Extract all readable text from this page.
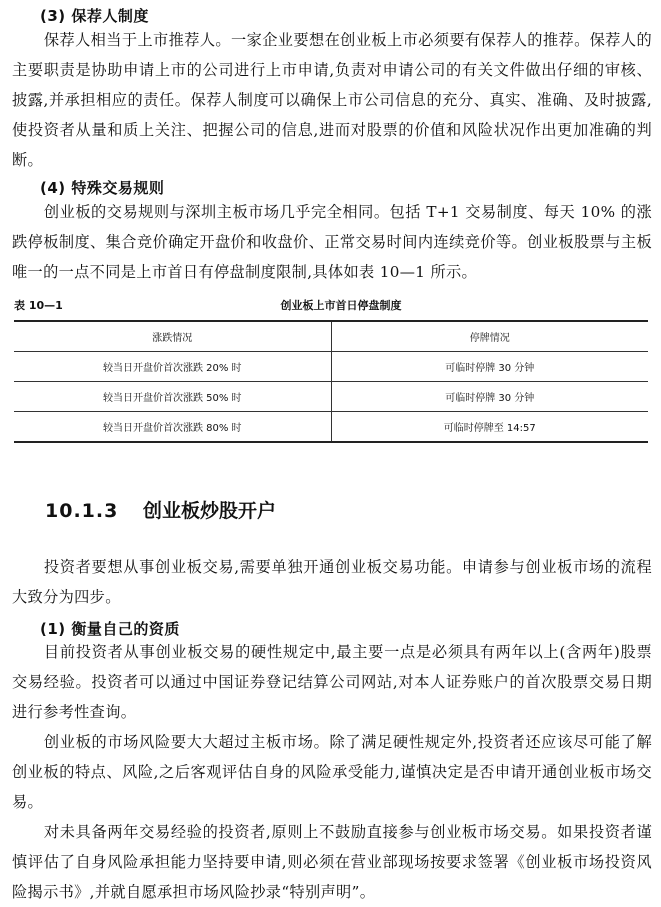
(3) 保荐人制度

保荐人相当于上市推荐人。一家企业要想在创业板上市必须要有保荐人的推荐。保荐人的主要职责是协助申请上市的公司进行上市申请,负责对申请公司的有关文件做出仔细的审核、披露,并承担相应的责任。保荐人制度可以确保上市公司信息的充分、真实、准确、及时披露,使投资者从量和质上关注、把握公司的信息,进而对股票的价值和风险状况作出更加准确的判断。

(4) 特殊交易规则

创业板的交易规则与深圳主板市场几乎完全相同。包括 T+1 交易制度、每天 10% 的涨跌停板制度、集合竞价确定开盘价和收盘价、正常交易时间内连续竞价等。创业板股票与主板唯一的一点不同是上市首日有停盘制度限制,具体如表 10—1 所示。

表 10—1	创业板上市首日停盘制度
涨跌情况	停牌情况
较当日开盘价首次涨跌 20% 时	可临时停牌 30 分钟
较当日开盘价首次涨跌 50% 时	可临时停牌 30 分钟
较当日开盘价首次涨跌 80% 时	可临时停牌至 14:57
10.1.3 创业板炒股开户

投资者要想从事创业板交易,需要单独开通创业板交易功能。申请参与创业板市场的流程大致分为四步。

(1) 衡量自己的资质

目前投资者从事创业板交易的硬性规定中,最主要一点是必须具有两年以上(含两年)股票交易经验。投资者可以通过中国证券登记结算公司网站,对本人证券账户的首次股票交易日期进行参考性查询。

创业板的市场风险要大大超过主板市场。除了满足硬性规定外,投资者还应该尽可能了解创业板的特点、风险,之后客观评估自身的风险承受能力,谨慎决定是否申请开通创业板市场交易。

对未具备两年交易经验的投资者,原则上不鼓励直接参与创业板市场交易。如果投资者谨慎评估了自身风险承担能力坚持要申请,则必须在营业部现场按要求签署《创业板市场投资风险揭示书》,并就自愿承担市场风险抄录“特别声明”。
